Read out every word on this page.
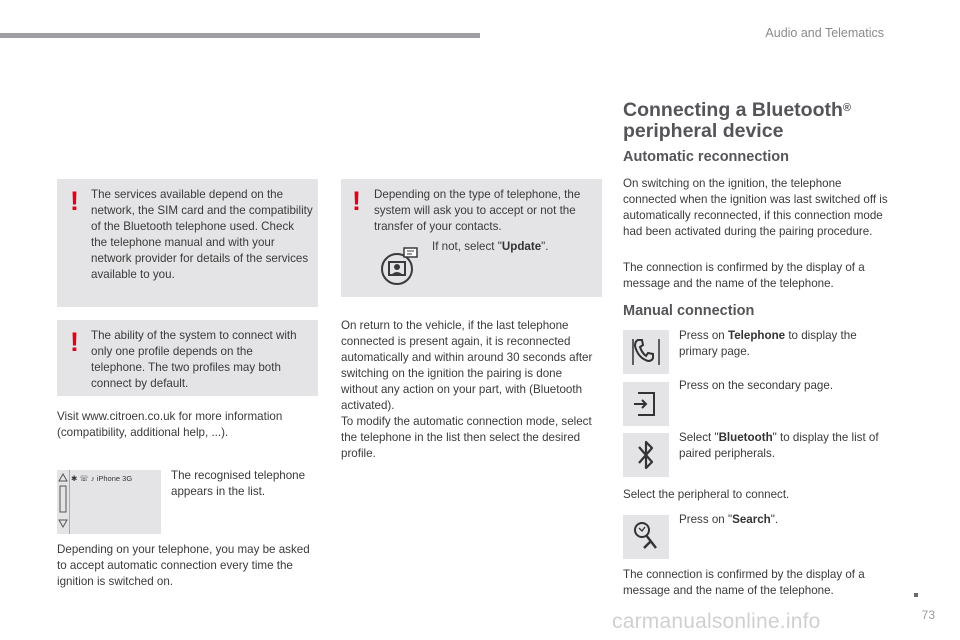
Audio and Telematics
! The services available depend on the network, the SIM card and the compatibility of the Bluetooth telephone used. Check the telephone manual and with your network provider for details of the services available to you.
! The ability of the system to connect with only one profile depends on the telephone. The two profiles may both connect by default.
Visit www.citroen.co.uk for more information (compatibility, additional help, ...).
✱ ☏ ♪ iPhone 3G	The recognised telephone appears in the list.
Depending on your telephone, you may be asked to accept automatic connection every time the ignition is switched on.
! Depending on the type of telephone, the system will ask you to accept or not the transfer of your contacts.
If not, select "Update".
On return to the vehicle, if the last telephone connected is present again, it is reconnected automatically and within around 30 seconds after switching on the ignition the pairing is done without any action on your part, with (Bluetooth activated).
To modify the automatic connection mode, select the telephone in the list then select the desired profile.
Connecting a Bluetooth®
peripheral device
Automatic reconnection
On switching on the ignition, the telephone connected when the ignition was last switched off is automatically reconnected, if this connection mode had been activated during the pairing procedure.
The connection is confirmed by the display of a message and the name of the telephone.
Manual connection
Press on Telephone to display the primary page.
Press on the secondary page.
Select "Bluetooth" to display the list of paired peripherals.
Select the peripheral to connect.
Press on "Search".
The connection is confirmed by the display of a message and the name of the telephone.
73
carmanualsonline.info
